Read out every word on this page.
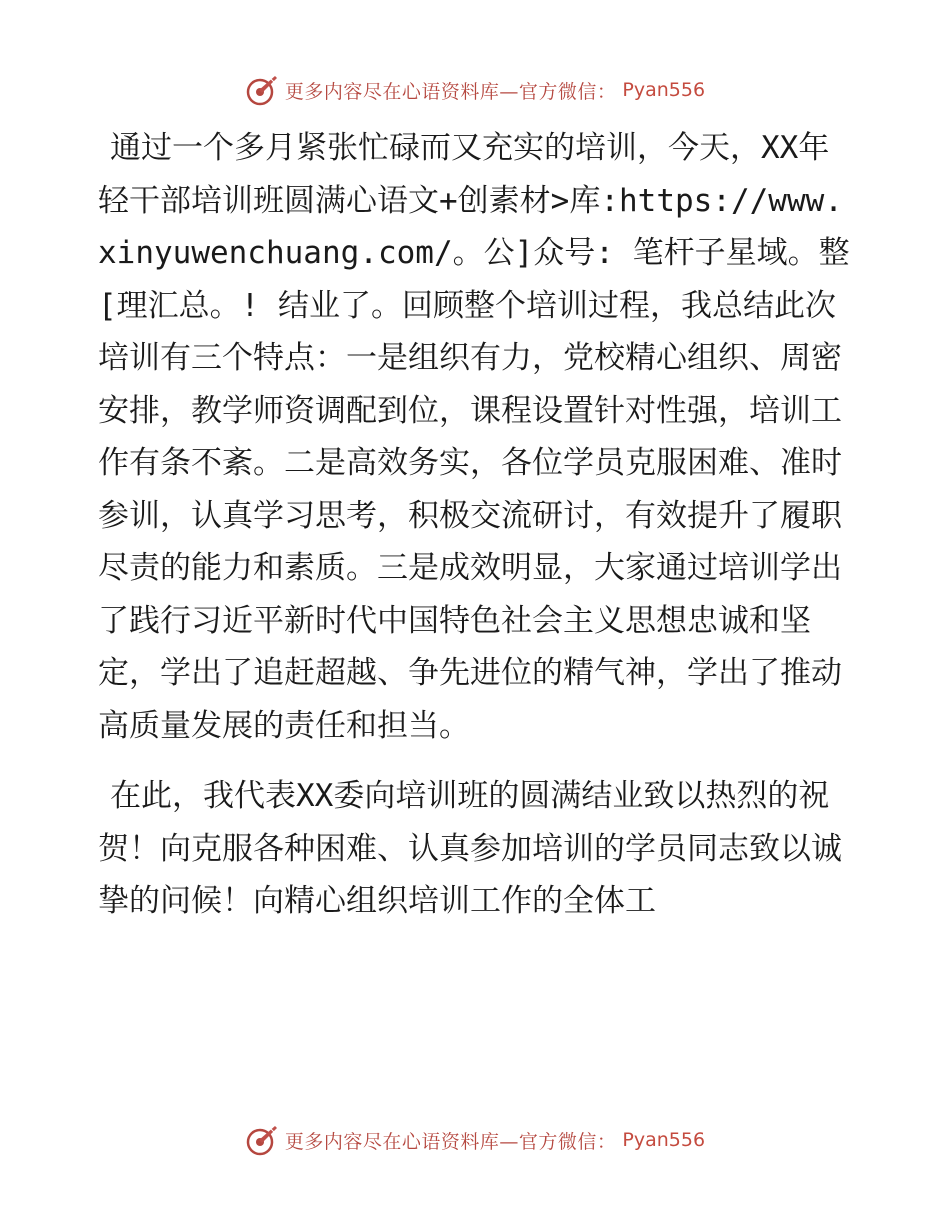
更多内容尽在心语资料库—官方微信： Pyan556

通过一个多月紧张忙碌而又充实的培训，今天，XX年轻干部培训班圆满心语文+创素材>库:https://www.xinyuwenchuang.com/。公]众号: 笔杆子星域。整[理汇总。! 结业了。回顾整个培训过程，我总结此次培训有三个特点：一是组织有力，党校精心组织、周密安排，教学师资调配到位，课程设置针对性强，培训工作有条不紊。二是高效务实，各位学员克服困难、准时参训，认真学习思考，积极交流研讨，有效提升了履职尽责的能力和素质。三是成效明显，大家通过培训学出了践行习近平新时代中国特色社会主义思想忠诚和坚定，学出了追赶超越、争先进位的精气神，学出了推动高质量发展的责任和担当。

在此，我代表XX委向培训班的圆满结业致以热烈的祝贺！向克服各种困难、认真参加培训的学员同志致以诚挚的问候！向精心组织培训工作的全体工

更多内容尽在心语资料库—官方微信： Pyan556
